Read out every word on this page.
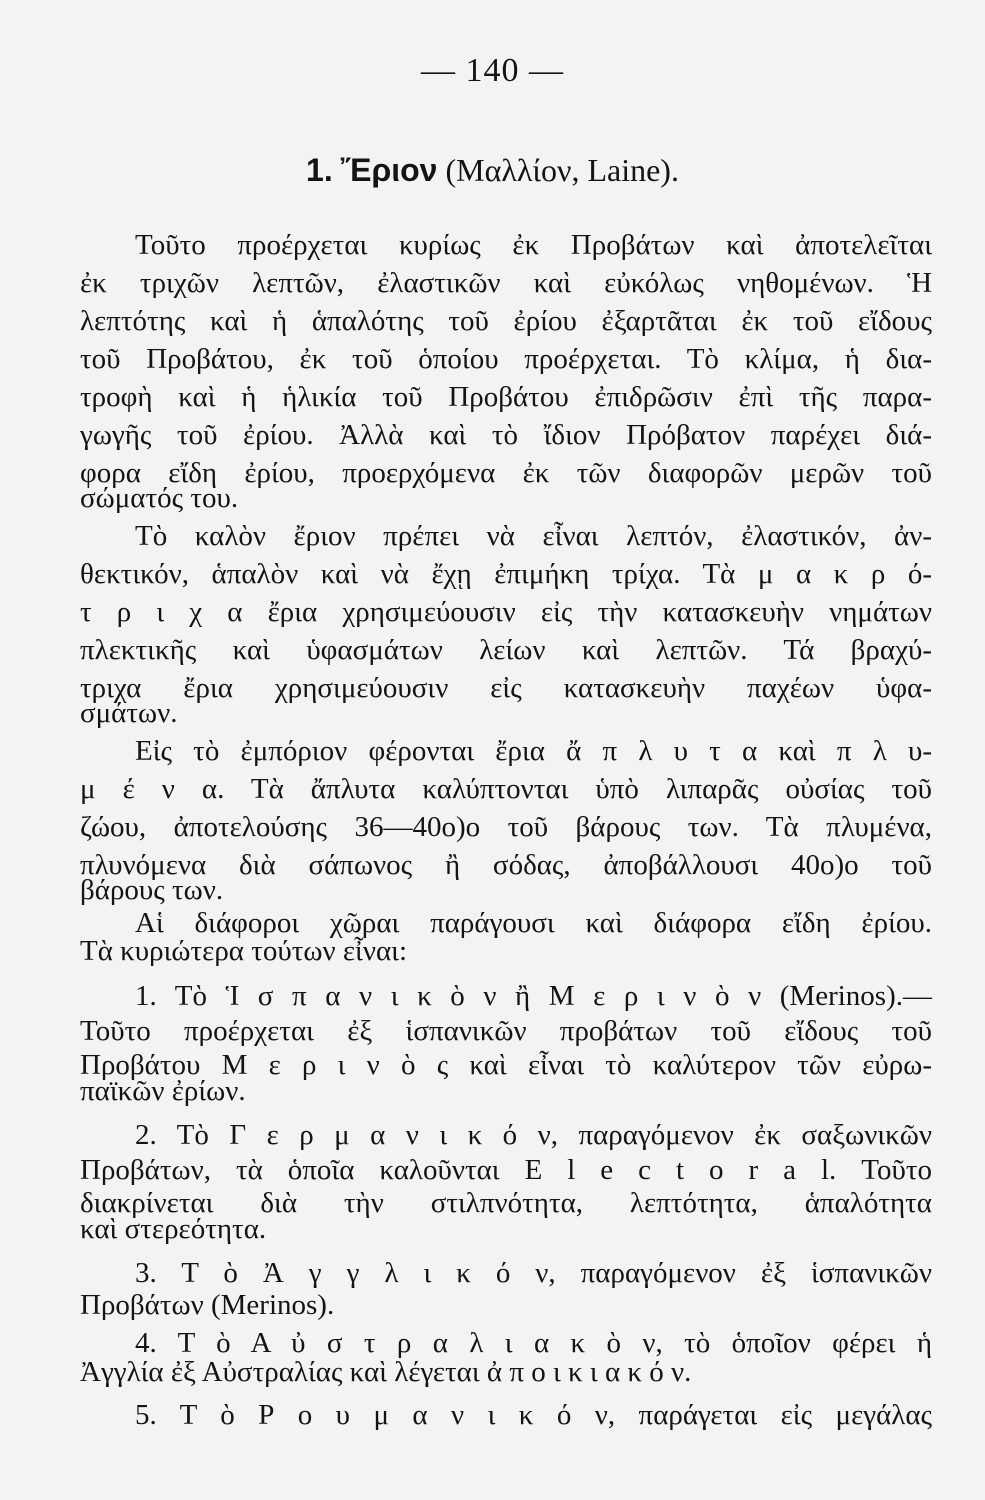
— 140 —
1. Ἔριον (Μαλλίον, Laine).
Τοῦτο προέρχεται κυρίως ἐκ Προβάτων καὶ ἀποτελεῖται
ἐκ τριχῶν λεπτῶν, ἐλαστικῶν καὶ εὐκόλως νηθομένων. Ἡ
λεπτότης καὶ ἡ ἁπαλότης τοῦ ἐρίου ἐξαρτᾶται ἐκ τοῦ εἴδους
τοῦ Προβάτου, ἐκ τοῦ ὁποίου προέρχεται. Τὸ κλίμα, ἡ δια-
τροφὴ καὶ ἡ ἡλικία τοῦ Προβάτου ἐπιδρῶσιν ἐπὶ τῆς παρα-
γωγῆς τοῦ ἐρίου. Ἀλλὰ καὶ τὸ ἴδιον Πρόβατον παρέχει διά-
φορα εἴδη ἐρίου, προερχόμενα ἐκ τῶν διαφορῶν μερῶν τοῦ
σώματός του.
Τὸ καλὸν ἔριον πρέπει νὰ εἶναι λεπτόν, ἐλαστικόν, ἀν-
θεκτικόν, ἁπαλὸν καὶ νὰ ἔχῃ ἐπιμήκη τρίχα. Τὰ μ α κ ρ ό-
τ ρ ι χ α ἔρια χρησιμεύουσιν εἰς τὴν κατασκευὴν νημάτων
πλεκτικῆς καὶ ὑφασμάτων λείων καὶ λεπτῶν. Τά βραχύ-
τριχα ἔρια χρησιμεύουσιν εἰς κατασκευὴν παχέων ὑφα-
σμάτων.
Εἰς τὸ ἐμπόριον φέρονται ἔρια ἄ π λ υ τ α καὶ π λ υ-
μ έ ν α. Τὰ ἄπλυτα καλύπτονται ὑπὸ λιπαρᾶς οὐσίας τοῦ
ζώου, ἀποτελούσης 36—40ο)ο τοῦ βάρους των. Τὰ πλυμένα,
πλυνόμενα διὰ σάπωνος ἢ σόδας, ἀποβάλλουσι 40ο)ο τοῦ
βάρους των.
Αἱ διάφοροι χῶραι παράγουσι καὶ διάφορα εἴδη ἐρίου.
Τὰ κυριώτερα τούτων εἶναι:
1. Τὸ Ἱ σ π α ν ι κ ὸ ν ἢ Μ ε ρ ι ν ὸ ν (Merinos).—
Τοῦτο προέρχεται ἐξ ἱσπανικῶν προβάτων τοῦ εἴδους τοῦ
Προβάτου Μ ε ρ ι ν ὸ ς καὶ εἶναι τὸ καλύτερον τῶν εὐρω-
παϊκῶν ἐρίων.
2. Τὸ Γ ε ρ μ α ν ι κ ό ν, παραγόμενον ἐκ σαξωνικῶν
Προβάτων, τὰ ὁποῖα καλοῦνται E l e c t o r a l. Τοῦτο
διακρίνεται διὰ τὴν στιλπνότητα, λεπτότητα, ἁπαλότητα
καὶ στερεότητα.
3. Τ ὸ Ἀ γ γ λ ι κ ό ν, παραγόμενον ἐξ ἱσπανικῶν
Προβάτων (Merinos).
4. Τ ὸ Α ὐ σ τ ρ α λ ι α κ ὸ ν, τὸ ὁποῖον φέρει ἡ
Ἀγγλία ἐξ Αὐστραλίας καὶ λέγεται ἀ π ο ι κ ι α κ ό ν.
5. Τ ὸ Ρ ο υ μ α ν ι κ ό ν, παράγεται εἰς μεγάλας
